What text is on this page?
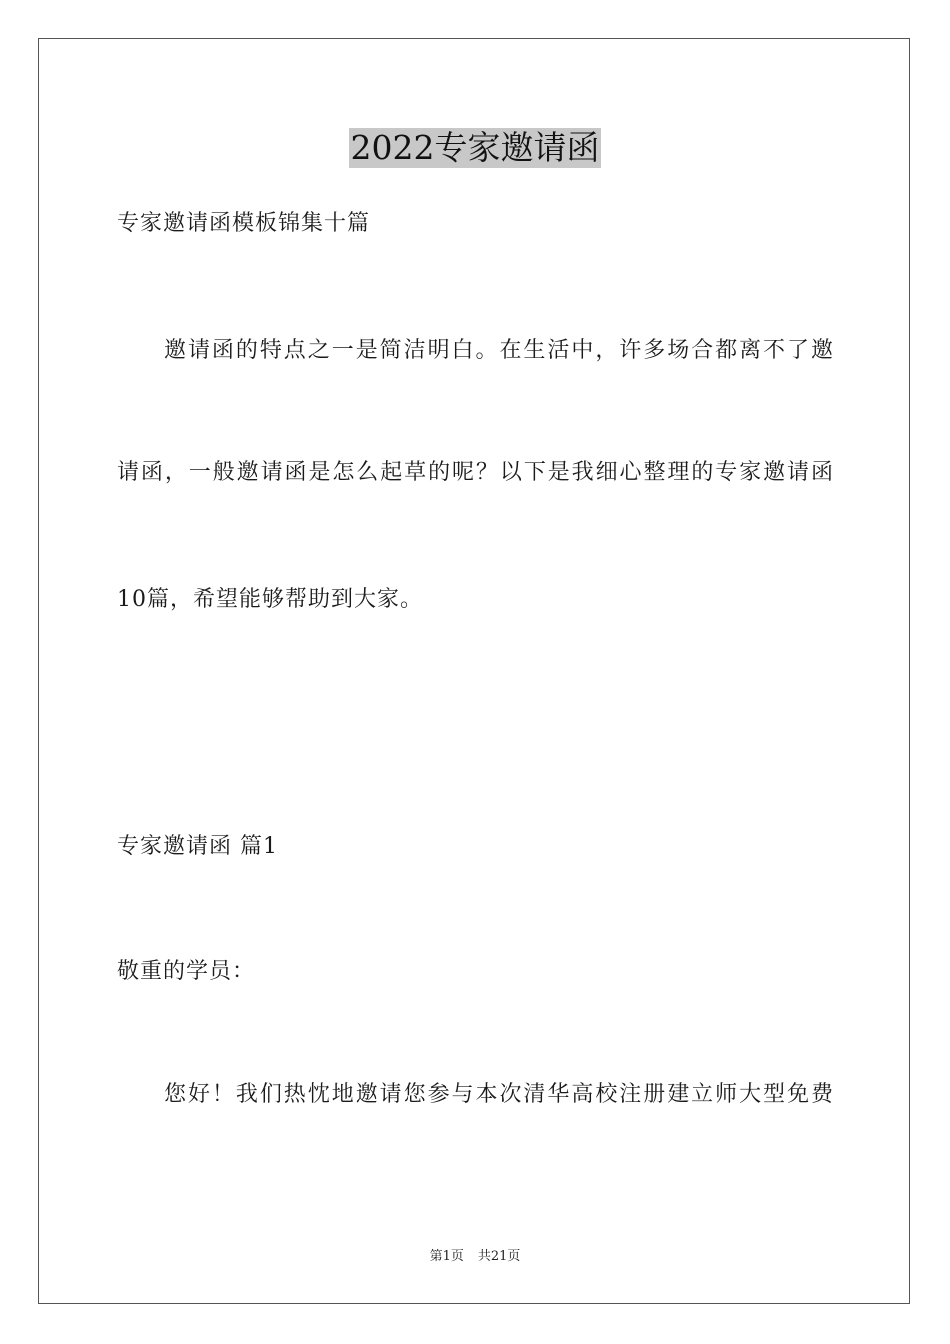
2022专家邀请函
专家邀请函模板锦集十篇
邀请函的特点之一是简洁明白。在生活中，许多场合都离不了邀
请函，一般邀请函是怎么起草的呢？以下是我细心整理的专家邀请函
10篇，希望能够帮助到大家。
专家邀请函 篇1
敬重的学员：
您好！我们热忱地邀请您参与本次清华高校注册建立师大型免费
第1页 共21页
